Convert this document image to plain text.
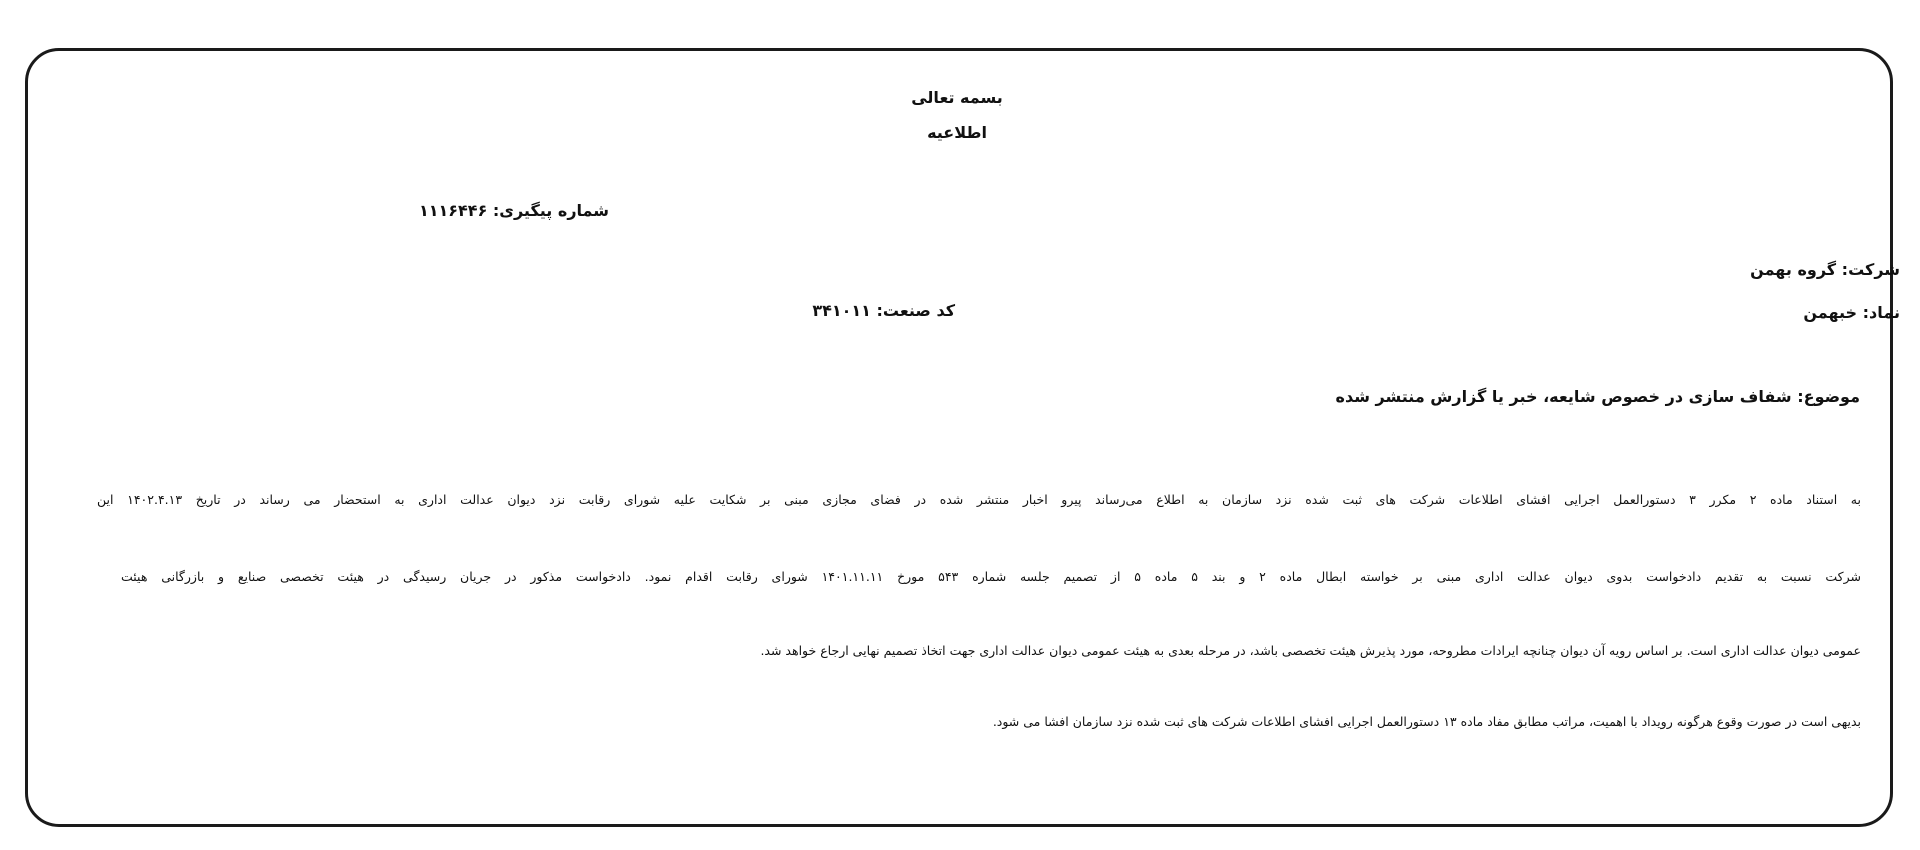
بسمه تعالی
اطلاعیه
شماره پیگیری: ۱۱۱۶۴۴۶
شرکت: گروه بهمن
نماد: خبهمن
کد صنعت: ۳۴۱۰۱۱
موضوع: شفاف سازی در خصوص شایعه، خبر یا گزارش منتشر شده
به استناد ماده ۲ مکرر ۳ دستورالعمل اجرایی افشای اطلاعات شرکت های ثبت شده نزد سازمان به اطلاع می‌رساند پیرو اخبار منتشر شده در فضای مجازی مبنی بر شکایت علیه شورای رقابت نزد دیوان عدالت اداری به استحضار می رساند در تاریخ ۱۴۰۲.۴.۱۳ این
شرکت نسبت به تقدیم دادخواست بدوی دیوان عدالت اداری مبنی بر خواسته ابطال ماده ۲ و بند ۵ ماده ۵ از تصمیم جلسه شماره ۵۴۳ مورخ ۱۴۰۱.۱۱.۱۱ شورای رقابت اقدام نمود. دادخواست مذکور در جریان رسیدگی در هیئت تخصصی صنایع و بازرگانی هیئت
عمومی دیوان عدالت اداری است. بر اساس رویه آن دیوان چنانچه ایرادات مطروحه، مورد پذیرش هیئت تخصصی باشد، در مرحله بعدی به هیئت عمومی دیوان عدالت اداری جهت اتخاذ تصمیم نهایی ارجاع خواهد شد.
بدیهی است در صورت وقوع هرگونه رویداد با اهمیت، مراتب مطابق مفاد ماده ۱۳ دستورالعمل اجرایی افشای اطلاعات شرکت های ثبت شده نزد سازمان افشا می شود.
